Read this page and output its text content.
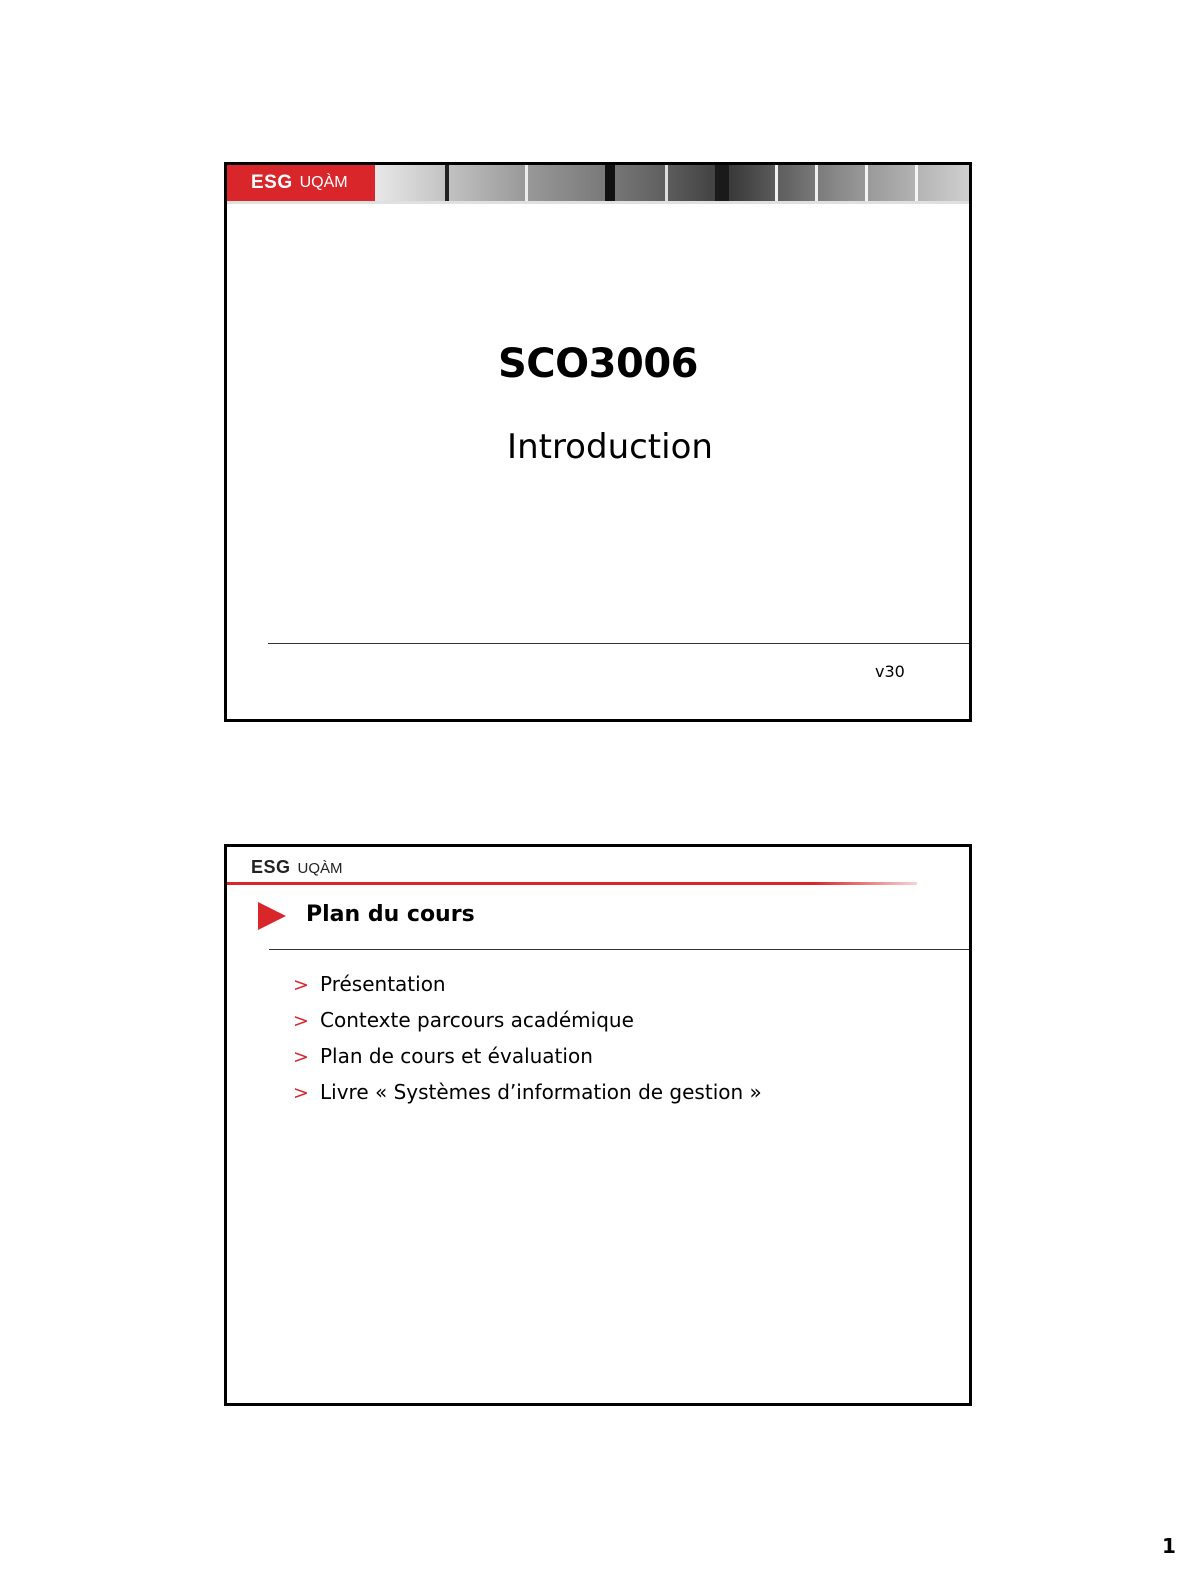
ESG UQÀM
SCO3006
Introduction
v30
ESG UQÀM
Plan du cours
> Présentation
> Contexte parcours académique
> Plan de cours et évaluation
> Livre « Systèmes d’information de gestion »
1
